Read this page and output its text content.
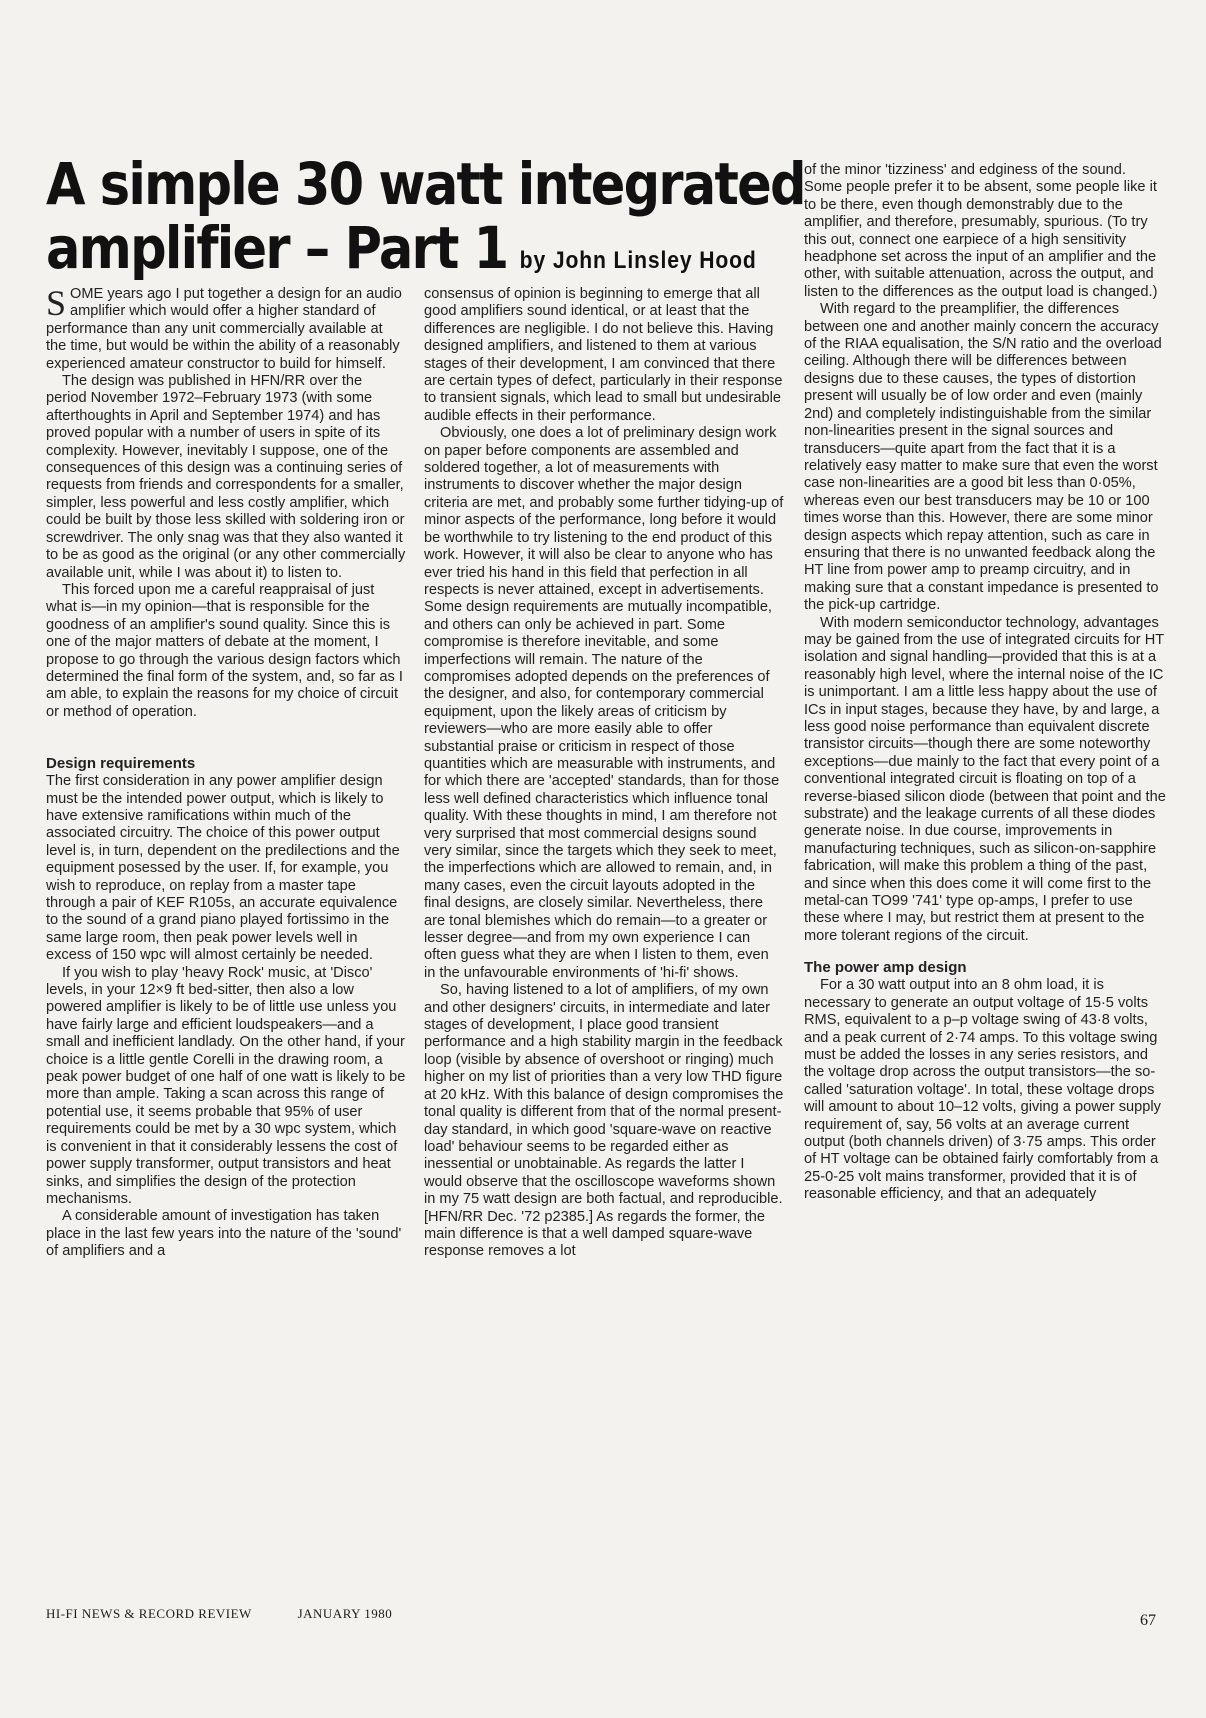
A simple 30 watt integrated
amplifier – Part 1 by John Linsley Hood

SOME years ago I put together a design for an audio amplifier which would offer a higher standard of performance than any unit commercially available at the time, but would be within the ability of a reasonably experienced amateur constructor to build for himself.

The design was published in HFN/RR over the period November 1972–February 1973 (with some afterthoughts in April and September 1974) and has proved popular with a number of users in spite of its complexity. However, inevitably I suppose, one of the consequences of this design was a continuing series of requests from friends and correspondents for a smaller, simpler, less powerful and less costly amplifier, which could be built by those less skilled with soldering iron or screwdriver. The only snag was that they also wanted it to be as good as the original (or any other commercially available unit, while I was about it) to listen to.

This forced upon me a careful reappraisal of just what is—in my opinion—that is responsible for the goodness of an amplifier's sound quality. Since this is one of the major matters of debate at the moment, I propose to go through the various design factors which determined the final form of the system, and, so far as I am able, to explain the reasons for my choice of circuit or method of operation.

Design requirements

The first consideration in any power amplifier design must be the intended power output, which is likely to have extensive ramifications within much of the associated circuitry. The choice of this power output level is, in turn, dependent on the predilections and the equipment posessed by the user. If, for example, you wish to reproduce, on replay from a master tape through a pair of KEF R105s, an accurate equivalence to the sound of a grand piano played fortissimo in the same large room, then peak power levels well in excess of 150 wpc will almost certainly be needed.

If you wish to play 'heavy Rock' music, at 'Disco' levels, in your 12×9 ft bed-sitter, then also a low powered amplifier is likely to be of little use unless you have fairly large and efficient loudspeakers—and a small and inefficient landlady. On the other hand, if your choice is a little gentle Corelli in the drawing room, a peak power budget of one half of one watt is likely to be more than ample. Taking a scan across this range of potential use, it seems probable that 95% of user requirements could be met by a 30 wpc system, which is convenient in that it considerably lessens the cost of power supply transformer, output transistors and heat sinks, and simplifies the design of the protection mechanisms.

A considerable amount of investigation has taken place in the last few years into the nature of the 'sound' of amplifiers and a

consensus of opinion is beginning to emerge that all good amplifiers sound identical, or at least that the differences are negligible. I do not believe this. Having designed amplifiers, and listened to them at various stages of their development, I am convinced that there are certain types of defect, particularly in their response to transient signals, which lead to small but undesirable audible effects in their performance.

Obviously, one does a lot of preliminary design work on paper before components are assembled and soldered together, a lot of measurements with instruments to discover whether the major design criteria are met, and probably some further tidying-up of minor aspects of the performance, long before it would be worthwhile to try listening to the end product of this work. However, it will also be clear to anyone who has ever tried his hand in this field that perfection in all respects is never attained, except in advertisements. Some design requirements are mutually incompatible, and others can only be achieved in part. Some compromise is therefore inevitable, and some imperfections will remain. The nature of the compromises adopted depends on the preferences of the designer, and also, for contemporary commercial equipment, upon the likely areas of criticism by reviewers—who are more easily able to offer substantial praise or criticism in respect of those quantities which are measurable with instruments, and for which there are 'accepted' standards, than for those less well defined characteristics which influence tonal quality. With these thoughts in mind, I am therefore not very surprised that most commercial designs sound very similar, since the targets which they seek to meet, the imperfections which are allowed to remain, and, in many cases, even the circuit layouts adopted in the final designs, are closely similar. Nevertheless, there are tonal blemishes which do remain—to a greater or lesser degree—and from my own experience I can often guess what they are when I listen to them, even in the unfavourable environments of 'hi-fi' shows.

So, having listened to a lot of amplifiers, of my own and other designers' circuits, in intermediate and later stages of development, I place good transient performance and a high stability margin in the feedback loop (visible by absence of overshoot or ringing) much higher on my list of priorities than a very low THD figure at 20 kHz. With this balance of design compromises the tonal quality is different from that of the normal present-day standard, in which good 'square-wave on reactive load' behaviour seems to be regarded either as inessential or unobtainable. As regards the latter I would observe that the oscilloscope waveforms shown in my 75 watt design are both factual, and reproducible. [HFN/RR Dec. '72 p2385.] As regards the former, the main difference is that a well damped square-wave response removes a lot

of the minor 'tizziness' and edginess of the sound. Some people prefer it to be absent, some people like it to be there, even though demonstrably due to the amplifier, and therefore, presumably, spurious. (To try this out, connect one earpiece of a high sensitivity headphone set across the input of an amplifier and the other, with suitable attenuation, across the output, and listen to the differences as the output load is changed.)

With regard to the preamplifier, the differences between one and another mainly concern the accuracy of the RIAA equalisation, the S/N ratio and the overload ceiling. Although there will be differences between designs due to these causes, the types of distortion present will usually be of low order and even (mainly 2nd) and completely indistinguishable from the similar non-linearities present in the signal sources and transducers—quite apart from the fact that it is a relatively easy matter to make sure that even the worst case non-linearities are a good bit less than 0·05%, whereas even our best transducers may be 10 or 100 times worse than this. However, there are some minor design aspects which repay attention, such as care in ensuring that there is no unwanted feedback along the HT line from power amp to preamp circuitry, and in making sure that a constant impedance is presented to the pick-up cartridge.

With modern semiconductor technology, advantages may be gained from the use of integrated circuits for HT isolation and signal handling—provided that this is at a reasonably high level, where the internal noise of the IC is unimportant. I am a little less happy about the use of ICs in input stages, because they have, by and large, a less good noise performance than equivalent discrete transistor circuits—though there are some noteworthy exceptions—due mainly to the fact that every point of a conventional integrated circuit is floating on top of a reverse-biased silicon diode (between that point and the substrate) and the leakage currents of all these diodes generate noise. In due course, improvements in manufacturing techniques, such as silicon-on-sapphire fabrication, will make this problem a thing of the past, and since when this does come it will come first to the metal-can TO99 '741' type op-amps, I prefer to use these where I may, but restrict them at present to the more tolerant regions of the circuit.

The power amp design

For a 30 watt output into an 8 ohm load, it is necessary to generate an output voltage of 15·5 volts RMS, equivalent to a p–p voltage swing of 43·8 volts, and a peak current of 2·74 amps. To this voltage swing must be added the losses in any series resistors, and the voltage drop across the output transistors—the so-called 'saturation voltage'. In total, these voltage drops will amount to about 10–12 volts, giving a power supply requirement of, say, 56 volts at an average current output (both channels driven) of 3·75 amps. This order of HT voltage can be obtained fairly comfortably from a 25-0-25 volt mains transformer, provided that it is of reasonable efficiency, and that an adequately

HI-FI NEWS & RECORD REVIEW	JANUARY 1980	67
